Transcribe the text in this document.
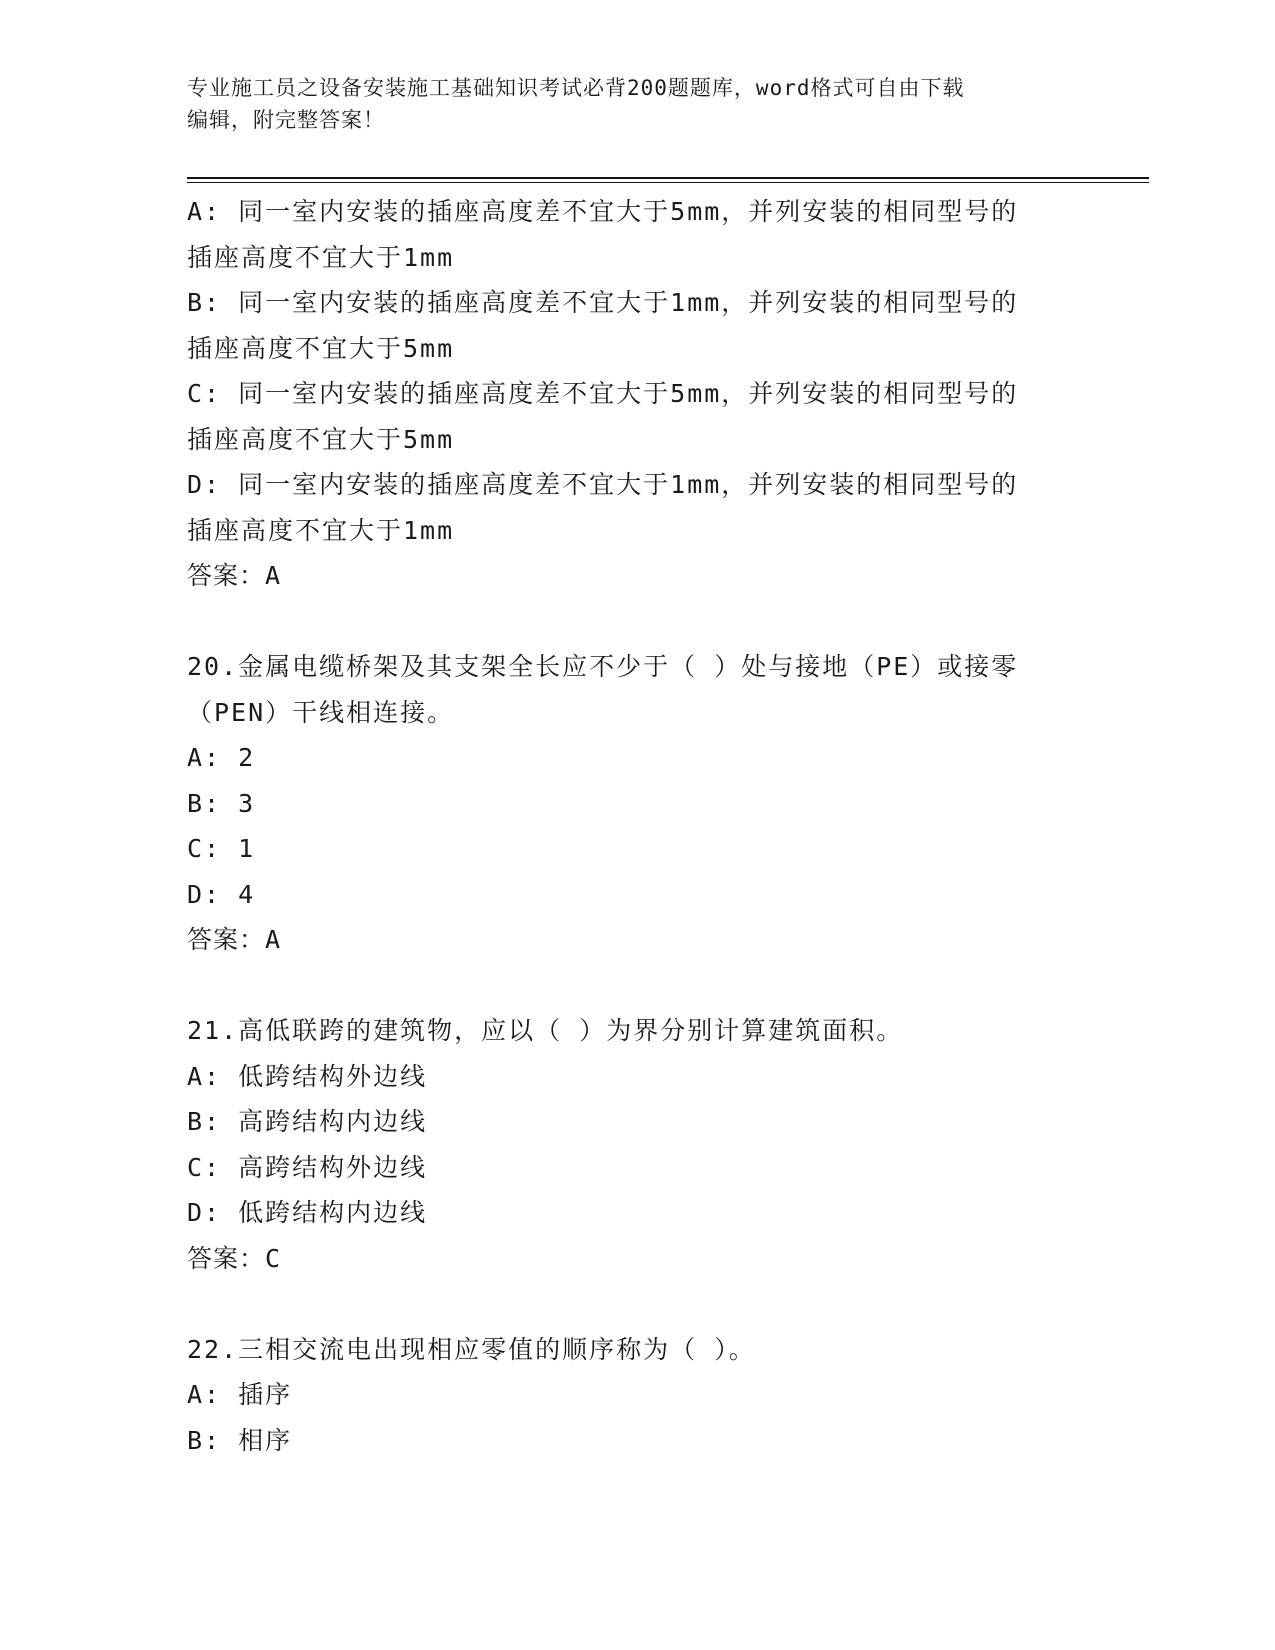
专业施工员之设备安装施工基础知识考试必背200题题库，word格式可自由下载
编辑，附完整答案！
A: 同一室内安装的插座高度差不宜大于5mm，并列安装的相同型号的
插座高度不宜大于1mm
B: 同一室内安装的插座高度差不宜大于1mm，并列安装的相同型号的
插座高度不宜大于5mm
C: 同一室内安装的插座高度差不宜大于5mm，并列安装的相同型号的
插座高度不宜大于5mm
D: 同一室内安装的插座高度差不宜大于1mm，并列安装的相同型号的
插座高度不宜大于1mm
答案：A
20.金属电缆桥架及其支架全长应不少于（ ）处与接地（PE）或接零
（PEN）干线相连接。
A: 2
B: 3
C: 1
D: 4
答案：A
21.高低联跨的建筑物，应以（ ）为界分别计算建筑面积。
A: 低跨结构外边线
B: 高跨结构内边线
C: 高跨结构外边线
D: 低跨结构内边线
答案：C
22.三相交流电出现相应零值的顺序称为（ ）。
A: 插序
B: 相序
